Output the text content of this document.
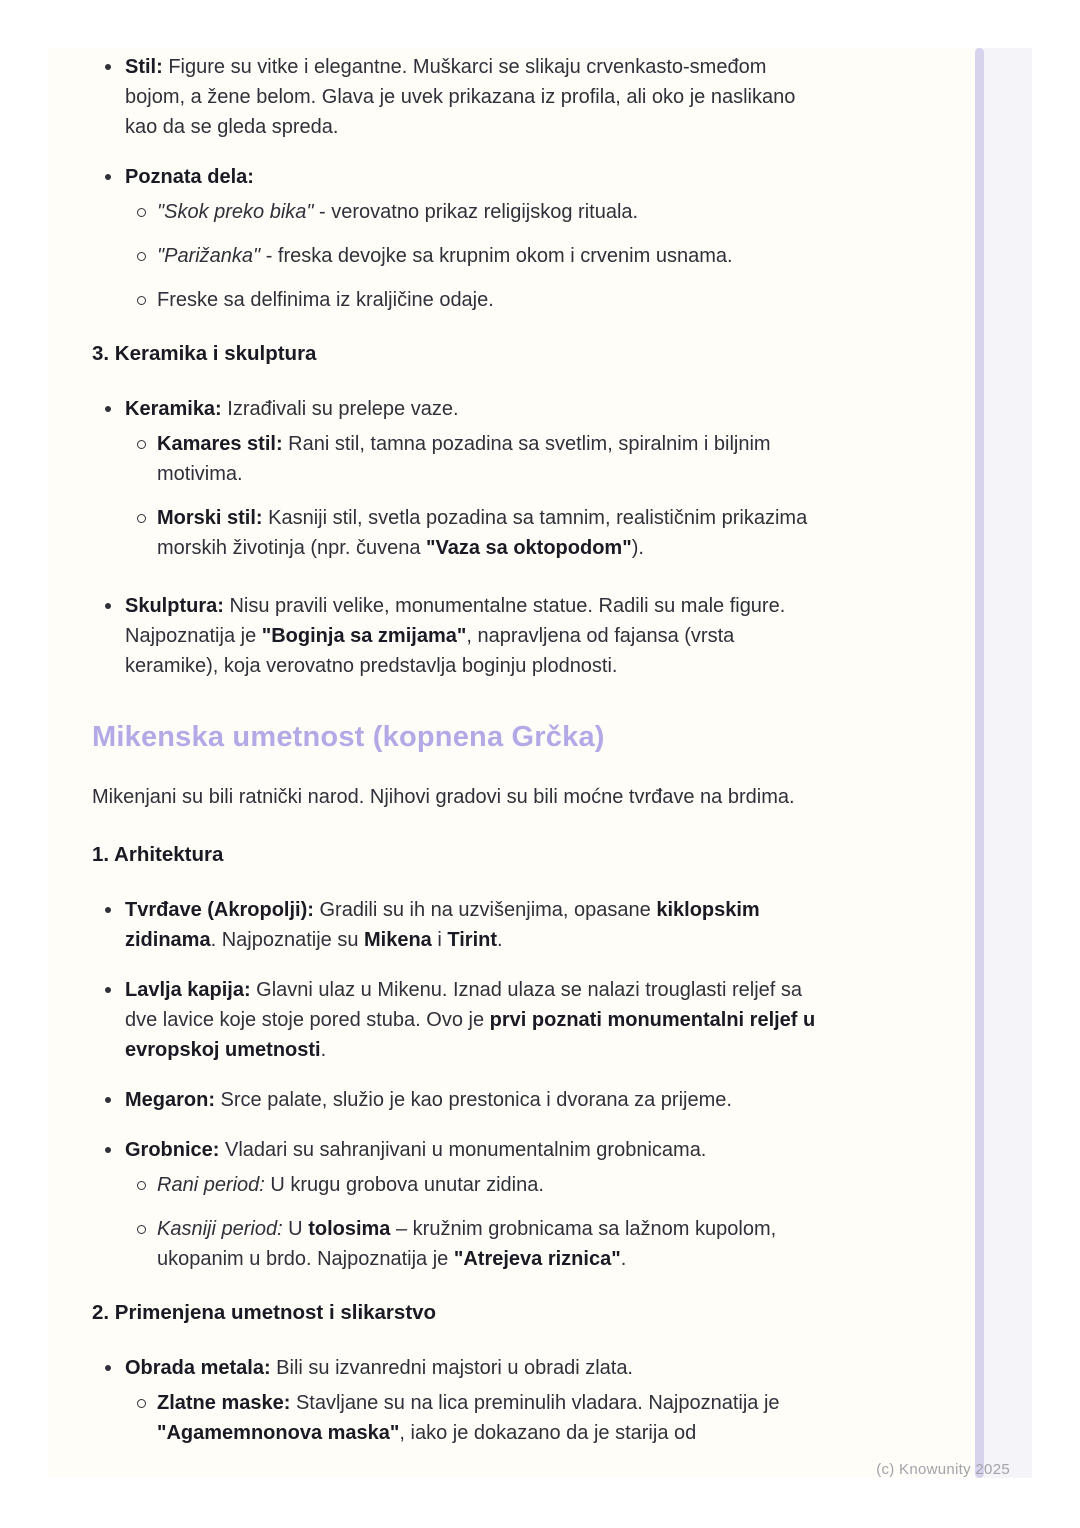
Stil: Figure su vitke i elegantne. Muškarci se slikaju crvenkasto-smeđom bojom, a žene belom. Glava je uvek prikazana iz profila, ali oko je naslikano kao da se gleda spreda.
Poznata dela:
"Skok preko bika" - verovatno prikaz religijskog rituala.
"Parižanka" - freska devojke sa krupnim okom i crvenim usnama.
Freske sa delfinima iz kraljičine odaje.
3. Keramika i skulptura
Keramika: Izrađivali su prelepe vaze.
Kamares stil: Rani stil, tamna pozadina sa svetlim, spiralnim i biljnim motivima.
Morski stil: Kasniji stil, svetla pozadina sa tamnim, realističnim prikazima morskih životinja (npr. čuvena "Vaza sa oktopodom").
Skulptura: Nisu pravili velike, monumentalne statue. Radili su male figure. Najpoznatija je "Boginja sa zmijama", napravljena od fajansa (vrsta keramike), koja verovatno predstavlja boginju plodnosti.
Mikenska umetnost (kopnena Grčka)
Mikenjani su bili ratnički narod. Njihovi gradovi su bili moćne tvrđave na brdima.
1. Arhitektura
Tvrđave (Akropolji): Gradili su ih na uzvišenjima, opasane kiklopskim zidinama. Najpoznatije su Mikena i Tirint.
Lavlja kapija: Glavni ulaz u Mikenu. Iznad ulaza se nalazi trouglasti reljef sa dve lavice koje stoje pored stuba. Ovo je prvi poznati monumentalni reljef u evropskoj umetnosti.
Megaron: Srce palate, služio je kao prestonica i dvorana za prijeme.
Grobnice: Vladari su sahranjivani u monumentalnim grobnicama.
Rani period: U krugu grobova unutar zidina.
Kasniji period: U tolosima – kružnim grobnicama sa lažnom kupolom, ukopanim u brdo. Najpoznatija je "Atrejeva riznica".
2. Primenjena umetnost i slikarstvo
Obrada metala: Bili su izvanredni majstori u obradi zlata.
Zlatne maske: Stavljane su na lica preminulih vladara. Najpoznatija je "Agamemnonova maska", iako je dokazano da je starija od
(c) Knowunity 2025
